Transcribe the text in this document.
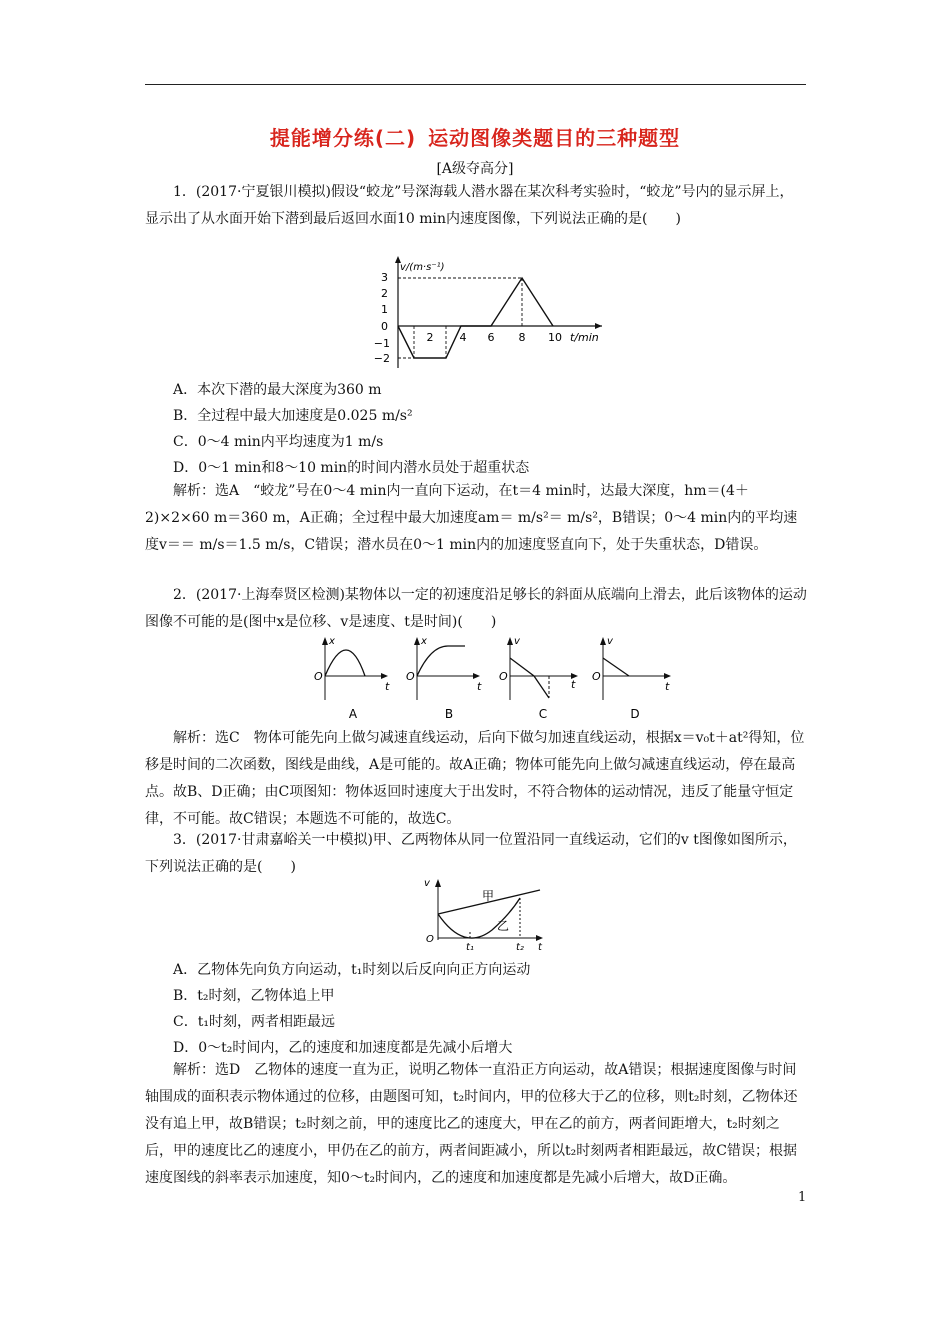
提能增分练(二) 运动图像类题目的三种题型
[A级夺高分]
1．(2017·宁夏银川模拟)假设“蛟龙”号深海载人潜水器在某次科考实验时，“蛟龙”号内的显示屏上，显示出了从水面开始下潜到最后返回水面10 min内速度图像，下列说法正确的是(　　)
v/(m·s⁻¹)
3
2
1
0
−1
−2
2 4 6 8 10 t/min
A．本次下潜的最大深度为360 m
B．全过程中最大加速度是0.025 m/s²
C．0～4 min内平均速度为1 m/s
D．0～1 min和8～10 min的时间内潜水员处于超重状态
解析：选A　“蛟龙”号在0～4 min内一直向下运动，在t＝4 min时，达最大深度，hm＝(4＋2)×2×60 m＝360 m，A正确；全过程中最大加速度am＝ m/s²＝ m/s²，B错误；0～4 min内的平均速度v＝＝ m/s＝1.5 m/s，C错误；潜水员在0～1 min内的加速度竖直向下，处于失重状态，D错误。
2．(2017·上海奉贤区检测)某物体以一定的初速度沿足够长的斜面从底端向上滑去，此后该物体的运动图像不可能的是(图中x是位移、v是速度、t是时间)(　　)
x
O
t
A
x
O
t
B
v
O
t
C
v
O
t
D
解析：选C　物体可能先向上做匀减速直线运动，后向下做匀加速直线运动，根据x＝v₀t＋at²得知，位移是时间的二次函数，图线是曲线，A是可能的。故A正确；物体可能先向上做匀减速直线运动，停在最高点。故B、D正确；由C项图知：物体返回时速度大于出发时，不符合物体的运动情况，违反了能量守恒定律，不可能。故C错误；本题选不可能的，故选C。
3．(2017·甘肃嘉峪关一中模拟)甲、乙两物体从同一位置沿同一直线运动，它们的v t图像如图所示，下列说法正确的是(　　)
v
O
t
甲
乙
t₁	t₂
A．乙物体先向负方向运动，t₁时刻以后反向向正方向运动
B．t₂时刻，乙物体追上甲
C．t₁时刻，两者相距最远
D．0～t₂时间内，乙的速度和加速度都是先减小后增大
解析：选D　乙物体的速度一直为正，说明乙物体一直沿正方向运动，故A错误；根据速度图像与时间轴围成的面积表示物体通过的位移，由题图可知，t₂时间内，甲的位移大于乙的位移，则t₂时刻，乙物体还没有追上甲，故B错误；t₂时刻之前，甲的速度比乙的速度大，甲在乙的前方，两者间距增大，t₂时刻之后，甲的速度比乙的速度小，甲仍在乙的前方，两者间距减小，所以t₂时刻两者相距最远，故C错误；根据速度图线的斜率表示加速度，知0～t₂时间内，乙的速度和加速度都是先减小后增大，故D正确。
1
